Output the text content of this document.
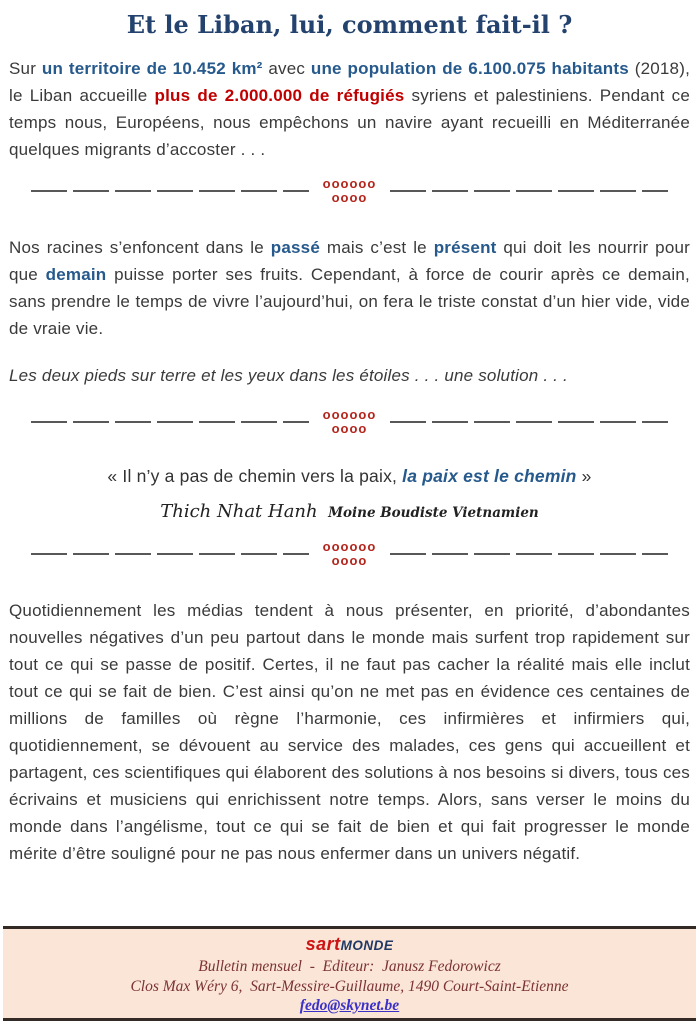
Et le Liban, lui, comment fait-il ?

Sur un territoire de 10.452 km² avec une population de 6.100.075 habitants (2018), le Liban accueille plus de 2.000.000 de réfugiés syriens et palestiniens. Pendant ce temps nous, Européens, nous empêchons un navire ayant recueilli en Méditerranée quelques migrants d’accoster . . .

oooooo
oooo

Nos racines s’enfoncent dans le passé mais c’est le présent qui doit les nourrir pour que demain puisse porter ses fruits. Cependant, à force de courir après ce demain, sans prendre le temps de vivre l’aujourd’hui, on fera le triste constat d’un hier vide, vide de vraie vie.

Les deux pieds sur terre et les yeux dans les étoiles . . . une solution . . .

oooooo
oooo

« Il n’y a pas de chemin vers la paix, la paix est le chemin »

Thich Nhat Hanh Moine Boudiste Vietnamien

oooooo
oooo

Quotidiennement les médias tendent à nous présenter, en priorité, d’abondantes nouvelles négatives d’un peu partout dans le monde mais surfent trop rapidement sur tout ce qui se passe de positif. Certes, il ne faut pas cacher la réalité mais elle inclut tout ce qui se fait de bien. C’est ainsi qu’on ne met pas en évidence ces centaines de millions de familles où règne l’harmonie, ces infirmières et infirmiers qui, quotidiennement, se dévouent au service des malades, ces gens qui accueillent et partagent, ces scientifiques qui élaborent des solutions à nos besoins si divers, tous ces écrivains et musiciens qui enrichissent notre temps. Alors, sans verser le moins du monde dans l’angélisme, tout ce qui se fait de bien et qui fait progresser le monde mérite d’être souligné pour ne pas nous enfermer dans un univers négatif.

sartMONDE
Bulletin mensuel  -  Editeur:  Janusz Fedorowicz
Clos Max Wéry 6,  Sart-Messire-Guillaume, 1490 Court-Saint-Etienne
fedo@skynet.be
